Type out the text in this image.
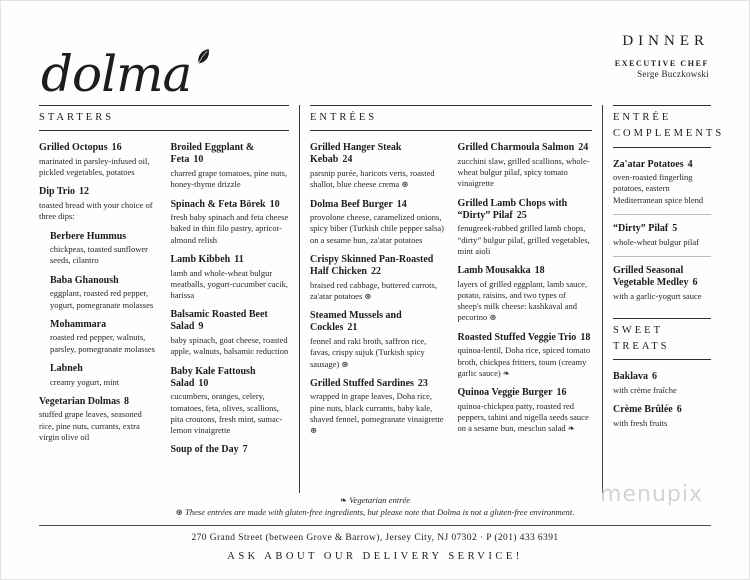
dolma
DINNER
EXECUTIVE CHEF
Serge Buczkowski
STARTERS
Grilled Octopus 16
marinated in parsley-infused oil, pickled vegetables, potatoes
Dip Trio 12
toasted bread with your choice of three dips:
Berbere Hummus
chickpeas, toasted sunflower seeds, cilantro
Baba Ghanoush
eggplant, roasted red pepper, yogurt, pomegranate molasses
Mohammara
roasted red pepper, walnuts, parsley, pomegranate molasses
Labneh
creamy yogurt, mint
Vegetarian Dolmas 8
stuffed grape leaves, seasoned rice, pine nuts, currants, extra virgin olive oil
Broiled Eggplant & Feta 10
charred grape tomatoes, pine nuts, honey-thyme drizzle
Spinach & Feta Börek 10
fresh baby spinach and feta cheese baked in thin filo pastry, apricot-almond relish
Lamb Kibbeh 11
lamb and whole-wheat bulgur meatballs, yogurt-cucumber cacik, harissa
Balsamic Roasted Beet Salad 9
baby spinach, goat cheese, roasted apple, walnuts, balsamic reduction
Baby Kale Fattoush Salad 10
cucumbers, oranges, celery, tomatoes, feta, olives, scallions, pita croutons, fresh mint, sumac-lemon vinaigrette
Soup of the Day 7
ENTRÉES
Grilled Hanger Steak Kebab 24
parsnip purée, haricots verts, roasted shallot, blue cheese crema ⊛
Dolma Beef Burger 14
provolone cheese, caramelized onions, spicy biber (Turkish chile pepper salsa) on a sesame bun, za'atar potatoes
Crispy Skinned Pan-Roasted Half Chicken 22
braised red cabbage, buttered carrots, za'atar potatoes ⊛
Steamed Mussels and Cockles 21
fennel and raki broth, saffron rice, favas, crispy sujuk (Turkish spicy sausage) ⊛
Grilled Stuffed Sardines 23
wrapped in grape leaves, Doha rice, pine nuts, black currants, baby kale, shaved fennel, pomegranate vinaigrette ⊛
Grilled Charmoula Salmon 24
zucchini slaw, grilled scallions, whole-wheat bulgur pilaf, spicy tomato vinaigrette
Grilled Lamb Chops with “Dirty” Pilaf 25
fenugreek-rubbed grilled lamb chops, “dirty” bulgur pilaf, grilled vegetables, mint aioli
Lamb Mousakka 18
layers of grilled eggplant, lamb sauce, potato, raisins, and two types of sheep's milk cheese: kashkaval and pecorino ⊛
Roasted Stuffed Veggie Trio 18
quinoa-lentil, Doha rice, spiced tomato broth, chickpea fritters, toum (creamy garlic sauce) ❧
Quinoa Veggie Burger 16
quinoa-chickpea patty, roasted red peppers, tahini and nigella seeds sauce on a sesame bun, mesclun salad ❧
ENTRÉE COMPLEMENTS
Za'atar Potatoes 4
oven-roasted fingerling potatoes, eastern Mediterranean spice blend
“Dirty” Pilaf 5
whole-wheat bulgur pilaf
Grilled Seasonal Vegetable Medley 6
with a garlic-yogurt sauce
SWEET TREATS
Baklava 6
with crème fraîche
Crème Brûlée 6
with fresh fruits
❧ Vegetarian entrée
⊛ These entrées are made with gluten-free ingredients, but please note that Dolma is not a gluten-free environment.
270 Grand Street (between Grove & Barrow), Jersey City, NJ 07302 · P (201) 433 6391
ASK ABOUT OUR DELIVERY SERVICE!
menupix
